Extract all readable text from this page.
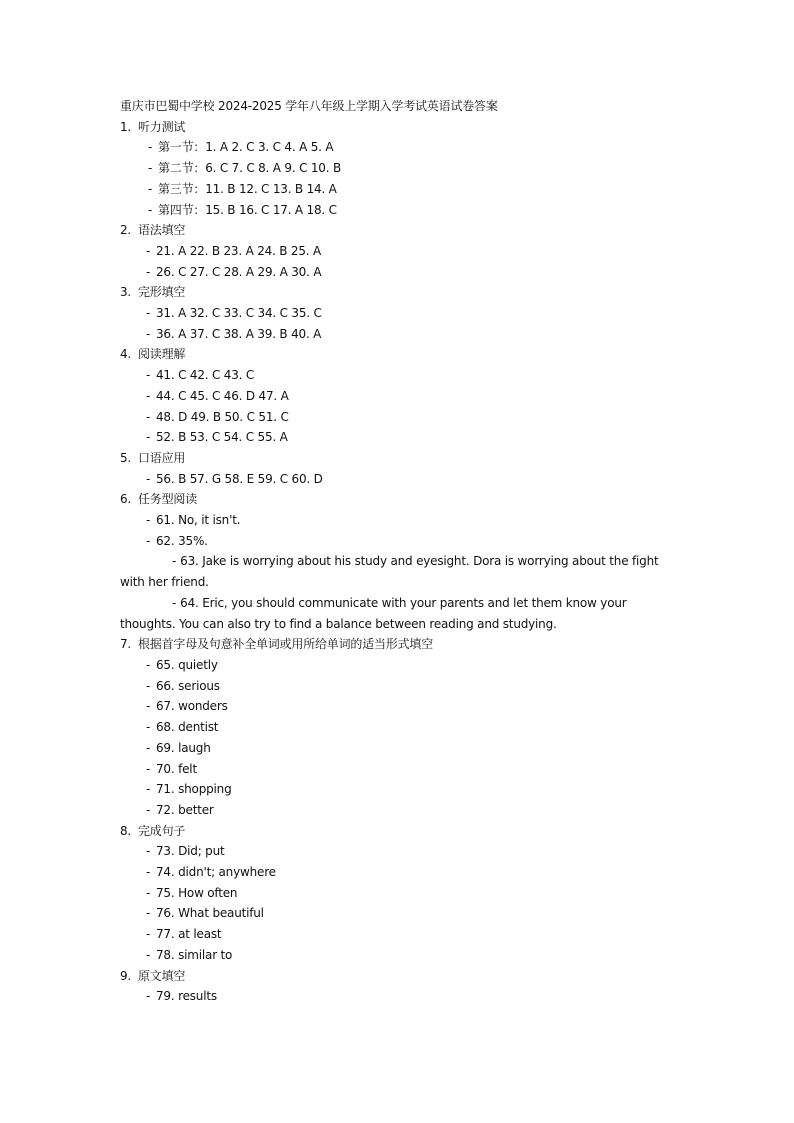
重庆市巴蜀中学校 2024-2025 学年八年级上学期入学考试英语试卷答案
1. 听力测试
- 第一节：1. A 2. C 3. C 4. A 5. A
- 第二节：6. C 7. C 8. A 9. C 10. B
- 第三节：11. B 12. C 13. B 14. A
- 第四节：15. B 16. C 17. A 18. C
2. 语法填空
- 21. A 22. B 23. A 24. B 25. A
- 26. C 27. C 28. A 29. A 30. A
3. 完形填空
- 31. A 32. C 33. C 34. C 35. C
- 36. A 37. C 38. A 39. B 40. A
4. 阅读理解
- 41. C 42. C 43. C
- 44. C 45. C 46. D 47. A
- 48. D 49. B 50. C 51. C
- 52. B 53. C 54. C 55. A
5. 口语应用
- 56. B 57. G 58. E 59. C 60. D
6. 任务型阅读
- 61. No, it isn't.
- 62. 35%.
- 63. Jake is worrying about his study and eyesight. Dora is worrying about the fight with her friend.
- 64. Eric, you should communicate with your parents and let them know your thoughts. You can also try to find a balance between reading and studying.
7. 根据首字母及句意补全单词或用所给单词的适当形式填空
- 65. quietly
- 66. serious
- 67. wonders
- 68. dentist
- 69. laugh
- 70. felt
- 71. shopping
- 72. better
8. 完成句子
- 73. Did; put
- 74. didn't; anywhere
- 75. How often
- 76. What beautiful
- 77. at least
- 78. similar to
9. 原文填空
- 79. results
